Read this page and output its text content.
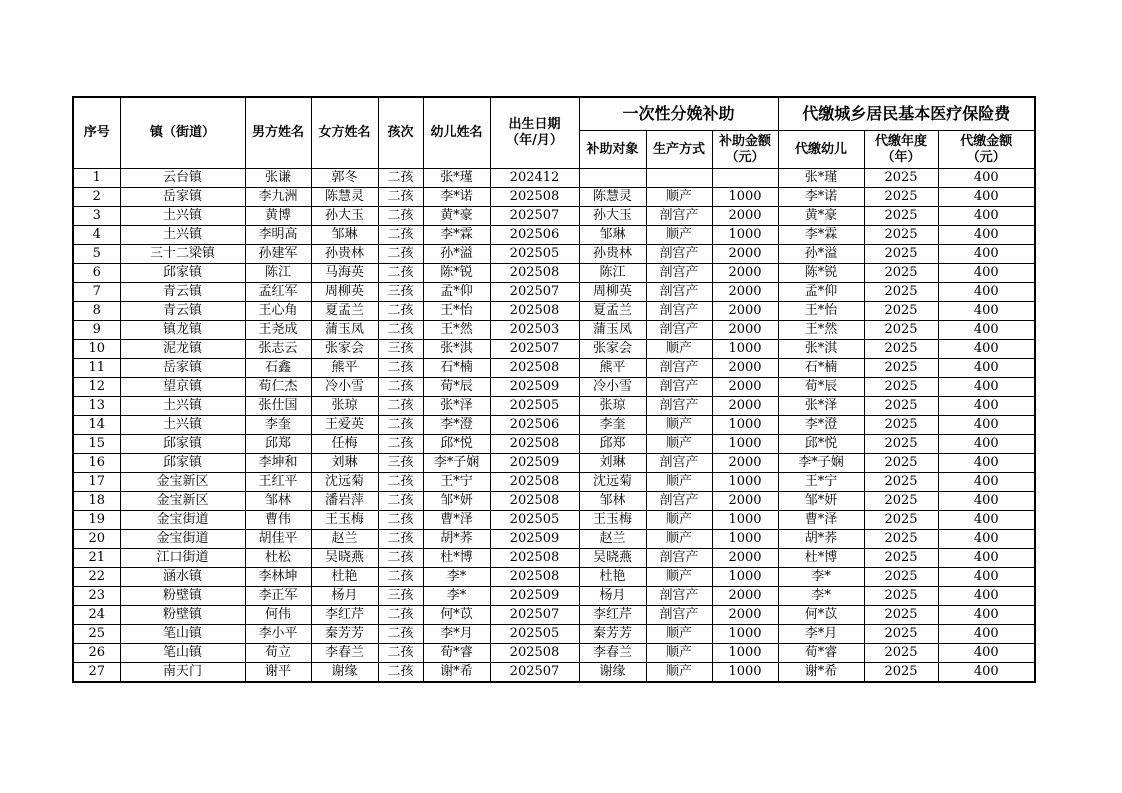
序号	镇（街道）	男方姓名	女方姓名	孩次	幼儿姓名	出生日期（年/月）	一次性分娩补助			代缴城乡居民基本医疗保险费		
							补助对象	生产方式	补助金额（元）	代缴幼儿	代缴年度（年）	代缴金额（元）
1	云台镇	张谦	郭冬	二孩	张*瑾	202412				张*瑾	2025	400
2	岳家镇	李九洲	陈慧灵	二孩	李*诺	202508	陈慧灵	顺产	1000	李*诺	2025	400
3	土兴镇	黄博	孙大玉	二孩	黄*豪	202507	孙大玉	剖宫产	2000	黄*豪	2025	400
4	土兴镇	李明高	邹琳	二孩	李*霖	202506	邹琳	顺产	1000	李*霖	2025	400
5	三十二梁镇	孙建军	孙贵林	二孩	孙*溢	202505	孙贵林	剖宫产	2000	孙*溢	2025	400
6	邱家镇	陈江	马海英	二孩	陈*锐	202508	陈江	剖宫产	2000	陈*锐	2025	400
7	青云镇	孟红军	周柳英	三孩	孟*仰	202507	周柳英	剖宫产	2000	孟*仰	2025	400
8	青云镇	王心角	夏孟兰	二孩	王*怡	202508	夏孟兰	剖宫产	2000	王*怡	2025	400
9	镇龙镇	王尧成	蒲玉凤	二孩	王*然	202503	蒲玉凤	剖宫产	2000	王*然	2025	400
10	泥龙镇	张志云	张家会	三孩	张*淇	202507	张家会	顺产	1000	张*淇	2025	400
11	岳家镇	石鑫	熊平	二孩	石*楠	202508	熊平	剖宫产	2000	石*楠	2025	400
12	望京镇	荀仁杰	冷小雪	二孩	荀*辰	202509	冷小雪	剖宫产	2000	荀*辰	2025	400
13	土兴镇	张仕国	张琼	二孩	张*泽	202505	张琼	剖宫产	2000	张*泽	2025	400
14	土兴镇	李奎	王爱英	二孩	李*澄	202506	李奎	顺产	1000	李*澄	2025	400
15	邱家镇	邱郑	任梅	二孩	邱*悦	202508	邱郑	顺产	1000	邱*悦	2025	400
16	邱家镇	李坤和	刘琳	三孩	李*子娴	202509	刘琳	剖宫产	2000	李*子娴	2025	400
17	金宝新区	王红平	沈远菊	二孩	王*宁	202508	沈远菊	顺产	1000	王*宁	2025	400
18	金宝新区	邹林	潘岩萍	二孩	邹*妍	202508	邹林	剖宫产	2000	邹*妍	2025	400
19	金宝街道	曹伟	王玉梅	二孩	曹*泽	202505	王玉梅	顺产	1000	曹*泽	2025	400
20	金宝街道	胡佳平	赵兰	二孩	胡*荞	202509	赵兰	顺产	1000	胡*荞	2025	400
21	江口街道	杜松	吴晓燕	二孩	杜*博	202508	吴晓燕	剖宫产	2000	杜*博	2025	400
22	涵水镇	李林坤	杜艳	二孩	李*	202508	杜艳	顺产	1000	李*	2025	400
23	粉壁镇	李正军	杨月	三孩	李*	202509	杨月	剖宫产	2000	李*	2025	400
24	粉壁镇	何伟	李红芹	二孩	何*苡	202507	李红芹	剖宫产	2000	何*苡	2025	400
25	笔山镇	李小平	秦芳芳	二孩	李*月	202505	秦芳芳	顺产	1000	李*月	2025	400
26	笔山镇	荀立	李春兰	二孩	荀*睿	202508	李春兰	顺产	1000	荀*睿	2025	400
27	南天门	谢平	谢缘	二孩	谢*希	202507	谢缘	顺产	1000	谢*希	2025	400
